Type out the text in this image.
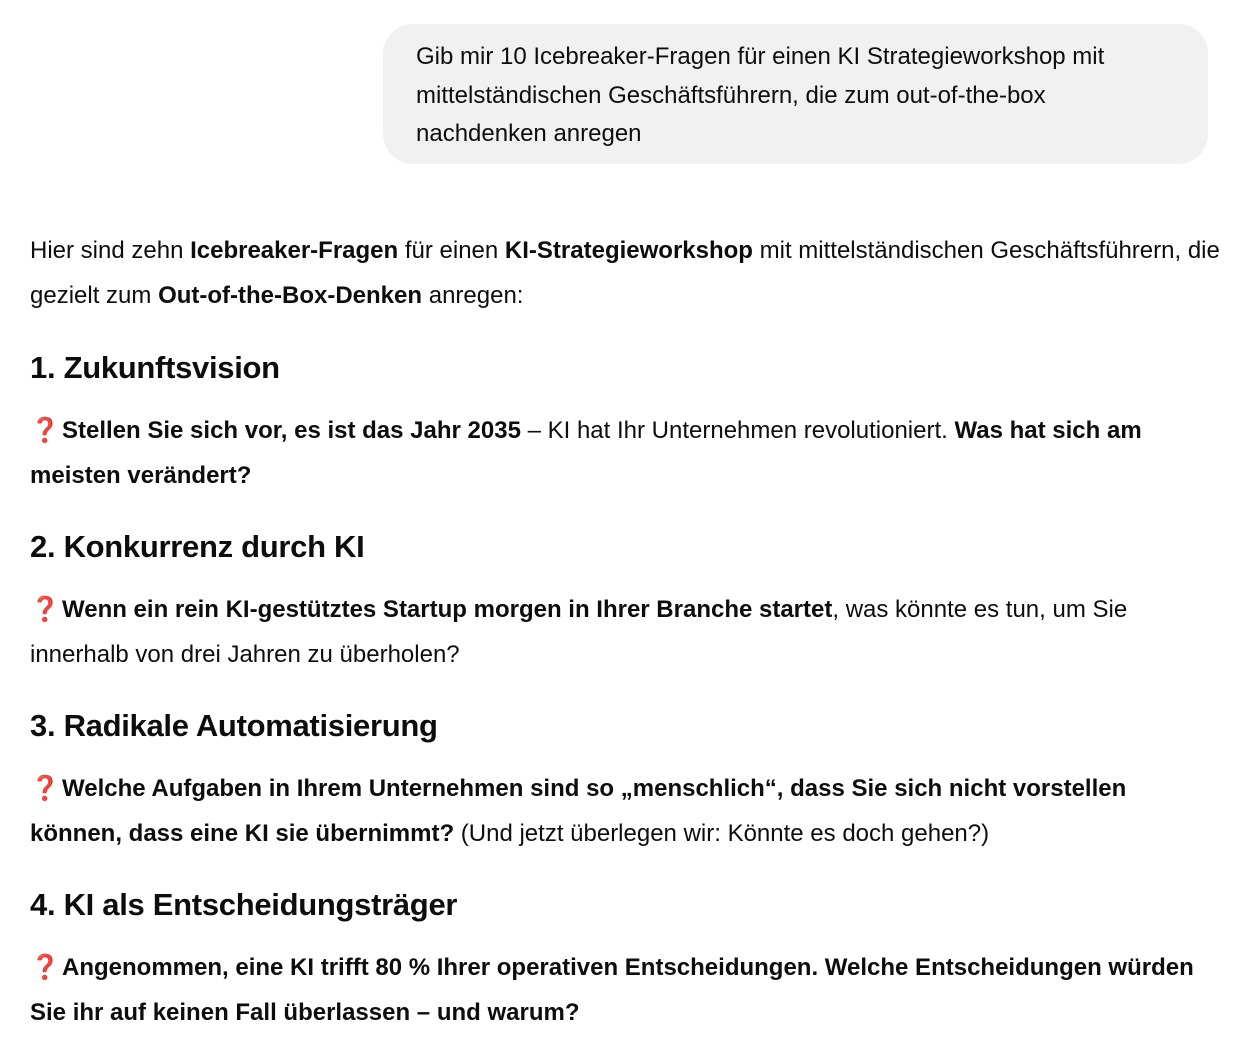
Gib mir 10 Icebreaker-Fragen für einen KI Strategieworkshop mit mittelständischen Geschäftsführern, die zum out-of-the-box nachdenken anregen

Hier sind zehn Icebreaker-Fragen für einen KI-Strategieworkshop mit mittelständischen Geschäftsführern, die gezielt zum Out-of-the-Box-Denken anregen:

1. Zukunftsvision

❓Stellen Sie sich vor, es ist das Jahr 2035 – KI hat Ihr Unternehmen revolutioniert. Was hat sich am meisten verändert?

2. Konkurrenz durch KI

❓Wenn ein rein KI-gestütztes Startup morgen in Ihrer Branche startet, was könnte es tun, um Sie innerhalb von drei Jahren zu überholen?

3. Radikale Automatisierung

❓Welche Aufgaben in Ihrem Unternehmen sind so „menschlich“, dass Sie sich nicht vorstellen können, dass eine KI sie übernimmt? (Und jetzt überlegen wir: Könnte es doch gehen?)

4. KI als Entscheidungsträger

❓Angenommen, eine KI trifft 80 % Ihrer operativen Entscheidungen. Welche Entscheidungen würden Sie ihr auf keinen Fall überlassen – und warum?
